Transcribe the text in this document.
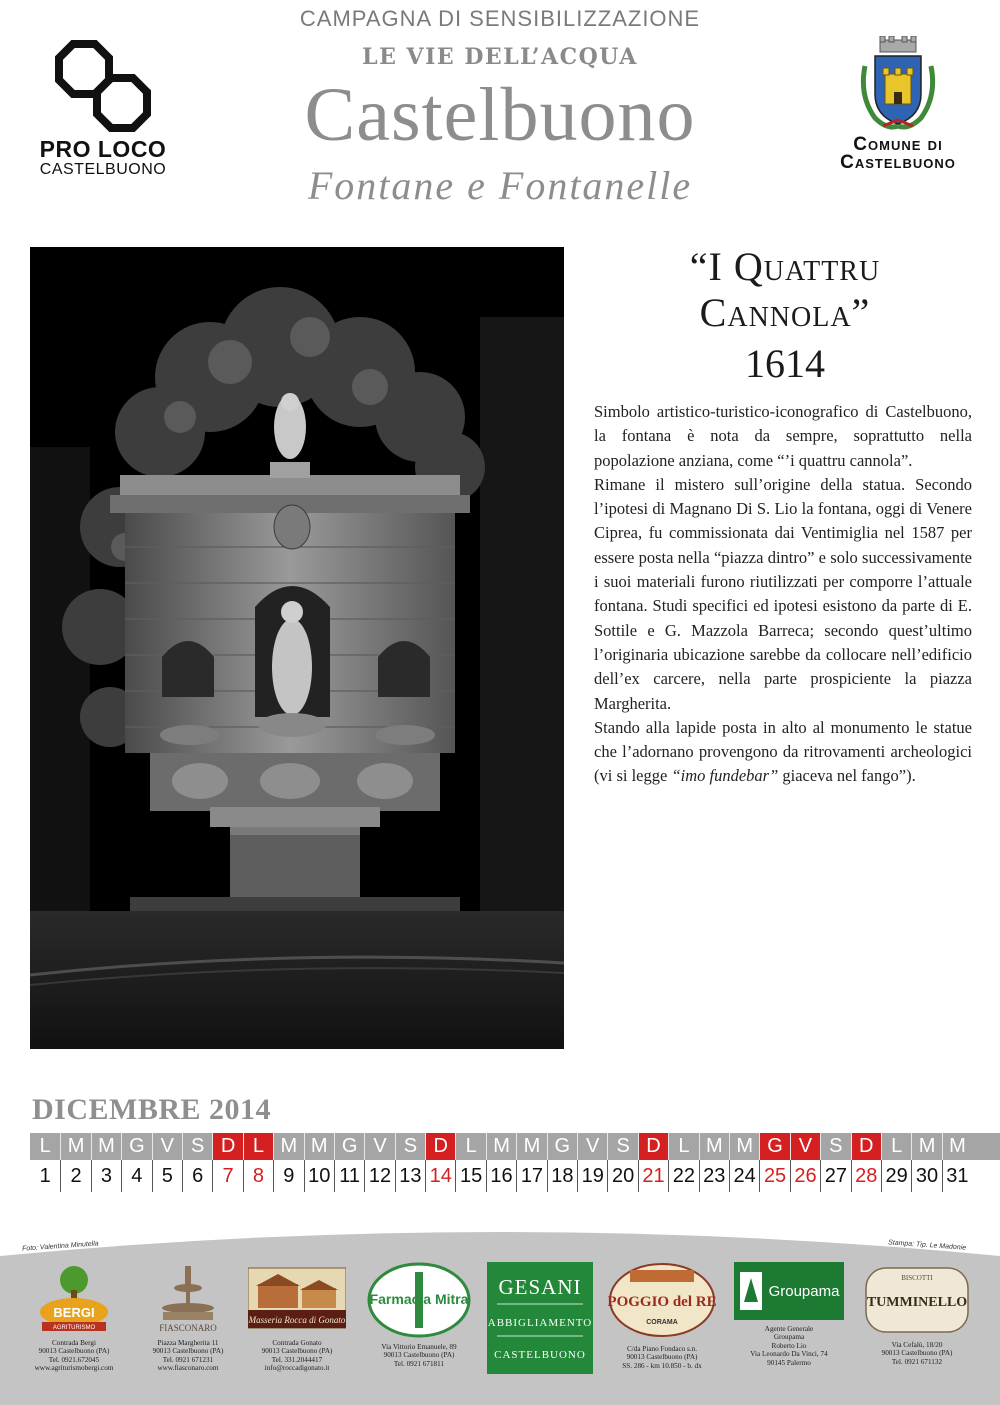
PRO LOCO
CASTELBUONO
CAMPAGNA DI SENSIBILIZZAZIONE
LE VIE DELL’ACQUA
Castelbuono
Fontane e Fontanelle
Comune di
Castelbuono
“I Quattru
Cannola”
1614

Simbolo artistico-turistico-iconografico di Castelbuono, la fontana è nota da sempre, soprattutto nella popolazione anziana, come “’i quattru cannola”.

Rimane il mistero sull’origine della statua. Secondo l’ipotesi di Magnano Di S. Lio la fontana, oggi di Venere Ciprea, fu commissionata dai Ventimiglia nel 1587 per essere posta nella “piazza dintro” e solo successivamente i suoi materiali furono riutilizzati per comporre l’attuale fontana. Studi specifici ed ipotesi esistono da parte di E. Sottile e G. Mazzola Barreca; secondo quest’ultimo l’originaria ubicazione sarebbe da collocare nell’edificio dell’ex carcere, nella parte prospiciente la piazza Margherita.

Stando alla lapide posta in alto al monumento le statue che l’adornano provengono da ritrovamenti archeologici (vi si legge “imo fundebar” giaceva nel fango”).

DICEMBRE 2014
L M M G V S D L M M G V S D L M M G V S D L M M G V S D L M M
1 2 3 4 5 6 7 8 9 10 11 12 13 14 15 16 17 18 19 20 21 22 23 24 25 26 27 28 29 30 31
Foto: Valentina Minutella	Stampa: Tip. Le Madonie
BERGI
AGRITURISMO
Contrada Bergi
90013 Castelbuono (PA)
Tel. 0921.672045
www.agriturismobergi.com
FIASCONARO
Piazza Margherita 11
90013 Castelbuono (PA)
Tel. 0921 671231
www.fiasconaro.com
Masseria Rocca di Gonato
Contrada Gonato
90013 Castelbuono (PA)
Tel. 331.2044417
info@roccadigonato.it
Farmacia Mitra
Via Vittorio Emanuele, 89
90013 Castelbuono (PA)
Tel. 0921 671811
GESANI
ABBIGLIAMENTO
CASTELBUONO
POGGIO del RE
CORAMA
C/da Piano Fondaco s.n.
90013 Castelbuono (PA)
SS. 286 - km 10.850 - b. dx
Groupama
Agente Generale
Groupama
Roberto Lio
Via Leonardo Da Vinci, 74
90145 Palermo
BISCOTTI
TUMMINELLO
Via Cefalù, 18/20
90013 Castelbuono (PA)
Tel. 0921 671132
